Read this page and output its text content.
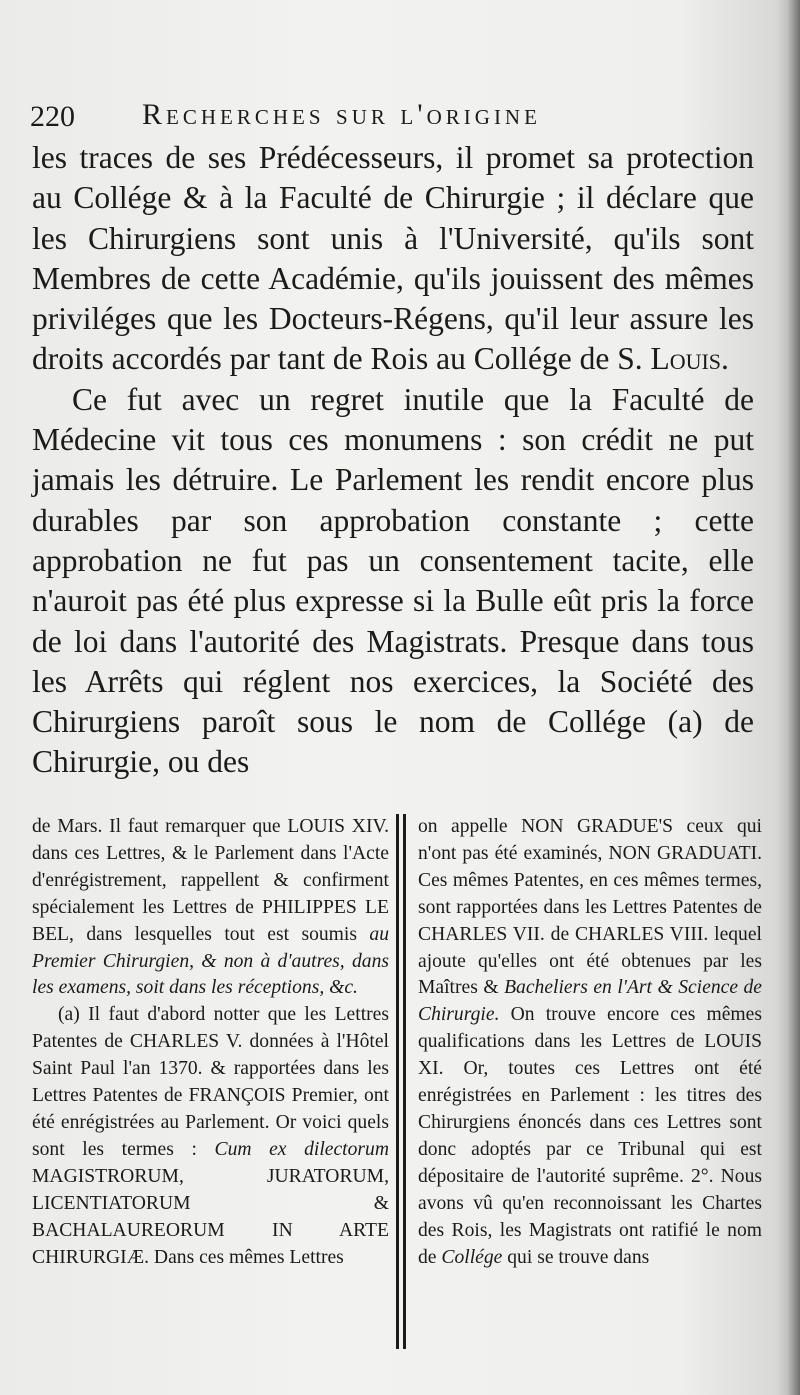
220 Recherches sur l'origine

les traces de ses Prédécesseurs, il promet sa protection au Collége & à la Faculté de Chirurgie ; il déclare que les Chirurgiens sont unis à l'Université, qu'ils sont Membres de cette Académie, qu'ils jouissent des mêmes priviléges que les Docteurs-Régens, qu'il leur assure les droits accordés par tant de Rois au Collége de S. Louis.

Ce fut avec un regret inutile que la Faculté de Médecine vit tous ces monumens : son crédit ne put jamais les détruire. Le Parlement les rendit encore plus durables par son approbation constante ; cette approbation ne fut pas un consentement tacite, elle n'auroit pas été plus expresse si la Bulle eût pris la force de loi dans l'autorité des Magistrats. Presque dans tous les Arrêts qui réglent nos exercices, la Société des Chirurgiens paroît sous le nom de Collége (a) de Chirurgie, ou des

de Mars. Il faut remarquer que LOUIS XIV. dans ces Lettres, & le Parlement dans l'Acte d'enrégistrement, rappellent & confirment spécialement les Lettres de PHILIPPES LE BEL, dans lesquelles tout est soumis au Premier Chirurgien, & non à d'autres, dans les examens, soit dans les réceptions, &c.

(a) Il faut d'abord notter que les Lettres Patentes de CHARLES V. données à l'Hôtel Saint Paul l'an 1370. & rapportées dans les Lettres Patentes de FRANÇOIS Premier, ont été enrégistrées au Parlement. Or voici quels sont les termes : Cum ex dilectorum MAGISTRORUM, JURATORUM, LICENTIATORUM & BACHALAUREORUM IN ARTE CHIRURGIÆ. Dans ces mêmes Lettres

on appelle NON GRADUE'S ceux qui n'ont pas été examinés, NON GRADUATI. Ces mêmes Patentes, en ces mêmes termes, sont rapportées dans les Lettres Patentes de CHARLES VII. de CHARLES VIII. lequel ajoute qu'elles ont été obtenues par les Maîtres & Bacheliers en l'Art & Science de Chirurgie. On trouve encore ces mêmes qualifications dans les Lettres de LOUIS XI. Or, toutes ces Lettres ont été enrégistrées en Parlement : les titres des Chirurgiens énoncés dans ces Lettres sont donc adoptés par ce Tribunal qui est dépositaire de l'autorité suprême. 2°. Nous avons vû qu'en reconnoissant les Chartes des Rois, les Magistrats ont ratifié le nom de Collége qui se trouve dans
